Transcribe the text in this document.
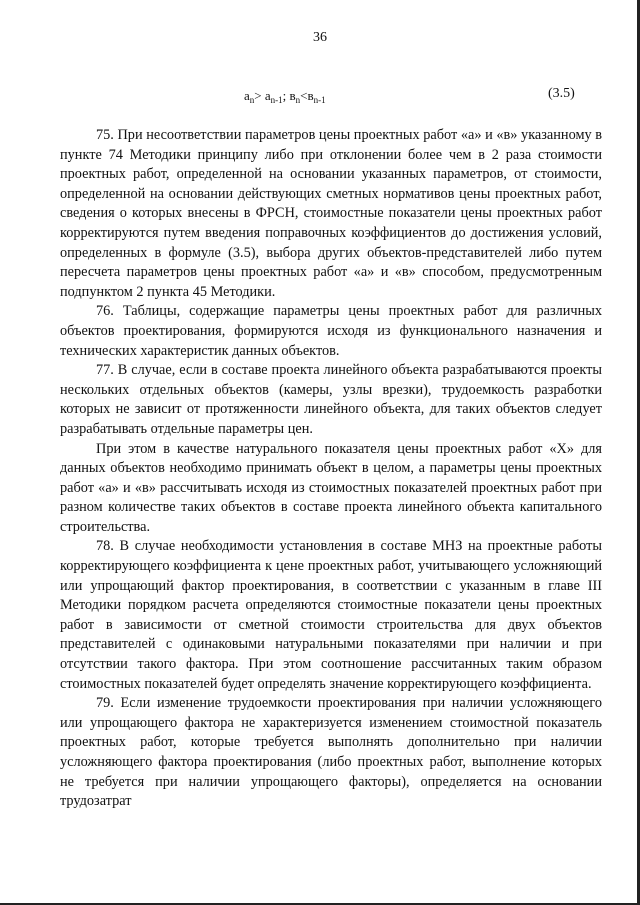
36
$a_n> a_{n-1}$; $в_n<в_{n-1}$	(3.5)

75. При несоответствии параметров цены проектных работ «а» и «в» указанному в пункте 74 Методики принципу либо при отклонении более чем в 2 раза стоимости проектных работ, определенной на основании указанных параметров, от стоимости, определенной на основании действующих сметных нормативов цены проектных работ, сведения о которых внесены в ФРСН, стоимостные показатели цены проектных работ корректируются путем введения поправочных коэффициентов до достижения условий, определенных в формуле (3.5), выбора других объектов-представителей либо путем пересчета параметров цены проектных работ «а» и «в» способом, предусмотренным подпунктом 2 пункта 45 Методики.

76. Таблицы, содержащие параметры цены проектных работ для различных объектов проектирования, формируются исходя из функционального назначения и технических характеристик данных объектов.

77. В случае, если в составе проекта линейного объекта разрабатываются проекты нескольких отдельных объектов (камеры, узлы врезки), трудоемкость разработки которых не зависит от протяженности линейного объекта, для таких объектов следует разрабатывать отдельные параметры цен.

При этом в качестве натурального показателя цены проектных работ «Х» для данных объектов необходимо принимать объект в целом, а параметры цены проектных работ «а» и «в» рассчитывать исходя из стоимостных показателей проектных работ при разном количестве таких объектов в составе проекта линейного объекта капитального строительства.

78. В случае необходимости установления в составе МНЗ на проектные работы корректирующего коэффициента к цене проектных работ, учитывающего усложняющий или упрощающий фактор проектирования, в соответствии с указанным в главе III Методики порядком расчета определяются стоимостные показатели цены проектных работ в зависимости от сметной стоимости строительства для двух объектов представителей с одинаковыми натуральными показателями при наличии и при отсутствии такого фактора. При этом соотношение рассчитанных таким образом стоимостных показателей будет определять значение корректирующего коэффициента.

79. Если изменение трудоемкости проектирования при наличии усложняющего или упрощающего фактора не характеризуется изменением стоимостной показатель проектных работ, которые требуется выполнять дополнительно при наличии усложняющего фактора проектирования (либо проектных работ, выполнение которых не требуется при наличии упрощающего факторы), определяется на основании трудозатрат
